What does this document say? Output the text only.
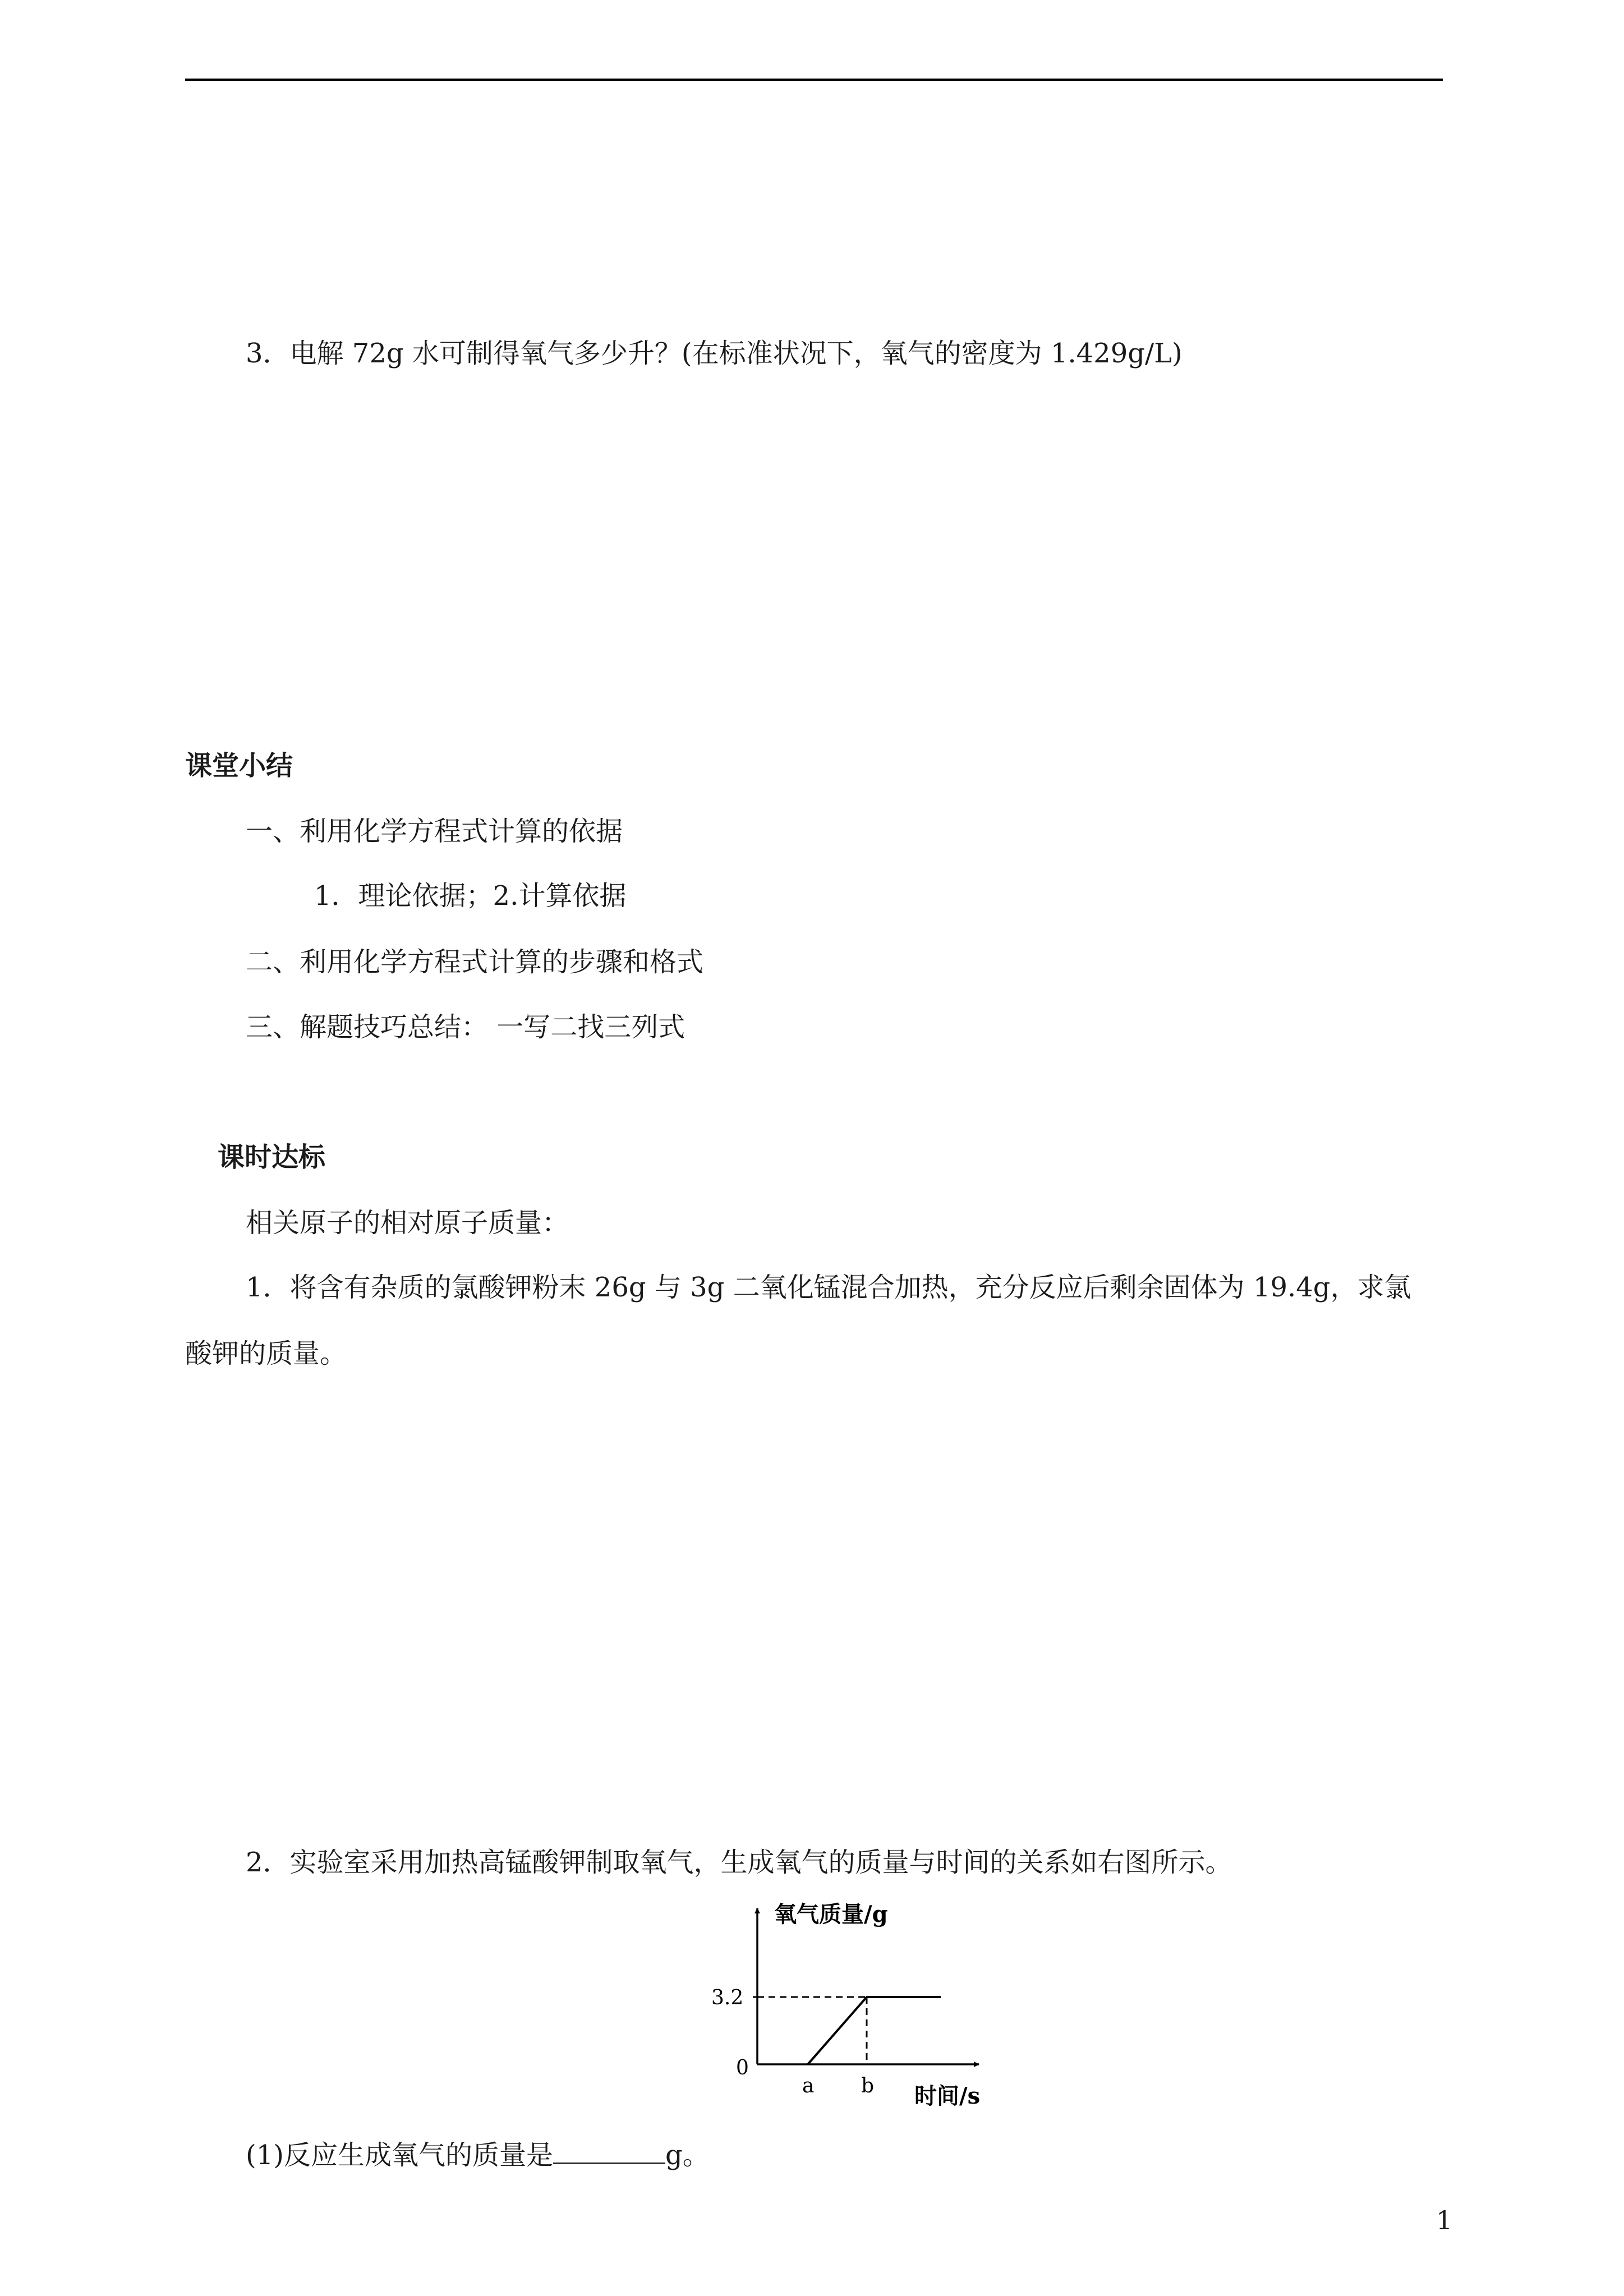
3．电解 72g 水可制得氧气多少升？(在标准状况下，氧气的密度为 1.429g/L)
课堂小结
一、利用化学方程式计算的依据
1．理论依据；2.计算依据
二、利用化学方程式计算的步骤和格式
三、解题技巧总结： 一写二找三列式
课时达标
相关原子的相对原子质量：
1．将含有杂质的氯酸钾粉末 26g 与 3g 二氧化锰混合加热，充分反应后剩余固体为 19.4g，求氯
酸钾的质量。
2．实验室采用加热高锰酸钾制取氧气，生成氧气的质量与时间的关系如右图所示。
氧气质量/g
时间/s
0
3.2
a b
(1)反应生成氧气的质量是	g。
1
